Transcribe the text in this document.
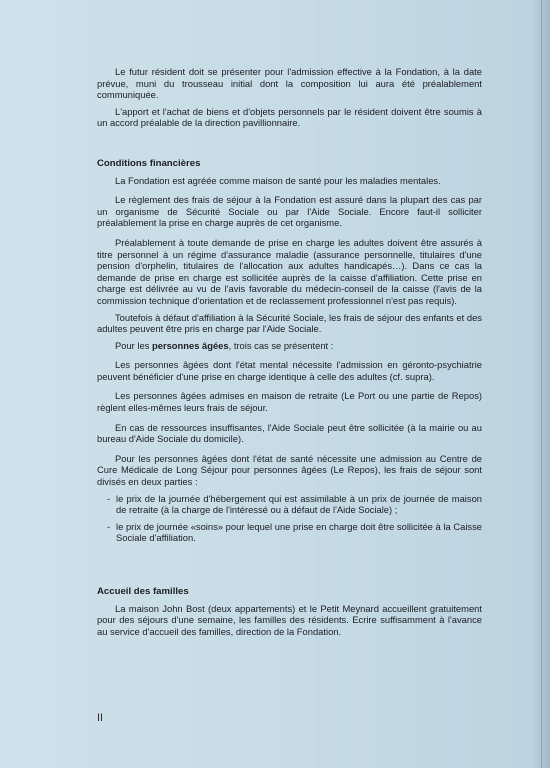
Le futur résident doit se présenter pour l'admission effective à la Fondation, à la date prévue, muni du trousseau initial dont la composition lui aura été préalablement communiquée.

L'apport et l'achat de biens et d'objets personnels par le résident doivent être soumis à un accord préalable de la direction pavillionnaire.

Conditions financières

La Fondation est agréée comme maison de santé pour les maladies mentales.

Le règlement des frais de séjour à la Fondation est assuré dans la plupart des cas par un organisme de Sécurité Sociale ou par l'Aide Sociale. Encore faut-il solliciter préalablement la prise en charge auprès de cet organisme.

Préalablement à toute demande de prise en charge les adultes doivent être assurés à titre personnel à un régime d'assurance maladie (assurance personnelle, titulaires d'une pension d'orphelin, titulaires de l'allocation aux adultes handicapés…). Dans ce cas la demande de prise en charge est sollicitée auprès de la caisse d'affiliation. Cette prise en charge est délivrée au vu de l'avis favorable du médecin-conseil de la caisse (l'avis de la commission technique d'orientation et de reclassement professionnel n'est pas requis).

Toutefois à défaut d'affiliation à la Sécurité Sociale, les frais de séjour des enfants et des adultes peuvent être pris en charge par l'Aide Sociale.

Pour les personnes âgées, trois cas se présentent :

Les personnes âgées dont l'état mental nécessite l'admission en géronto-psychiatrie peuvent bénéficier d'une prise en charge identique à celle des adultes (cf. supra).

Les personnes âgées admises en maison de retraite (Le Port ou une partie de Repos) règlent elles-mêmes leurs frais de séjour.

En cas de ressources insuffisantes, l'Aide Sociale peut être sollicitée (à la mairie ou au bureau d'Aide Sociale du domicile).

Pour les personnes âgées dont l'état de santé nécessite une admission au Centre de Cure Médicale de Long Séjour pour personnes âgées (Le Repos), les frais de séjour sont divisés en deux parties :

- le prix de la journée d'hébergement qui est assimilable à un prix de journée de maison de retraite (à la charge de l'intéressé ou à défaut de l'Aide Sociale) ;
- le prix de journée «soins» pour lequel une prise en charge doit être sollicitée à la Caisse Sociale d'affiliation.
Accueil des familles

La maison John Bost (deux appartements) et le Petit Meynard accueillent gratuitement pour des séjours d'une semaine, les familles des résidents. Ecrire suffisamment à l'avance au service d'accueil des familles, direction de la Fondation.

II
